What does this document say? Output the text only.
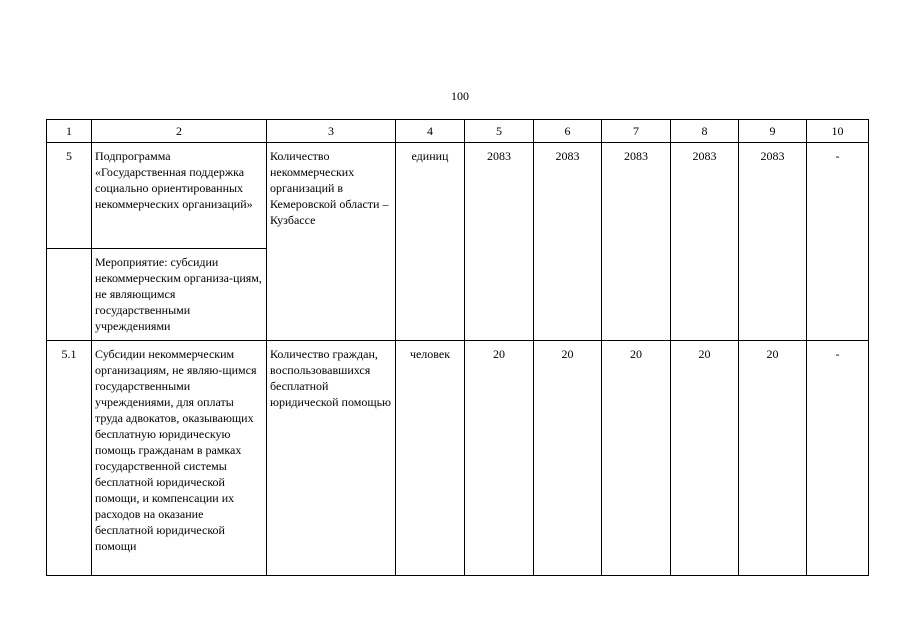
100
1	2	3	4	5	6	7	8	9	10
5	Подпрограмма «Государственная поддержка социально ориентированных некоммерческих организаций»	Количество некоммерческих организаций в Кемеровской области – Кузбассе	единиц	2083	2083	2083	2083	2083	-
	Мероприятие: субсидии некоммерческим организа-циям, не являющимся государственными учреждениями								
5.1	Субсидии некоммерческим организациям, не являю-щимся государственными учреждениями, для оплаты труда адвокатов, оказывающих бесплатную юридическую помощь гражданам в рамках государственной системы бесплатной юридической помощи, и компенсации их расходов на оказание бесплатной юридической помощи	Количество граждан, воспользовавшихся бесплатной юридической помощью	человек	20	20	20	20	20	-
